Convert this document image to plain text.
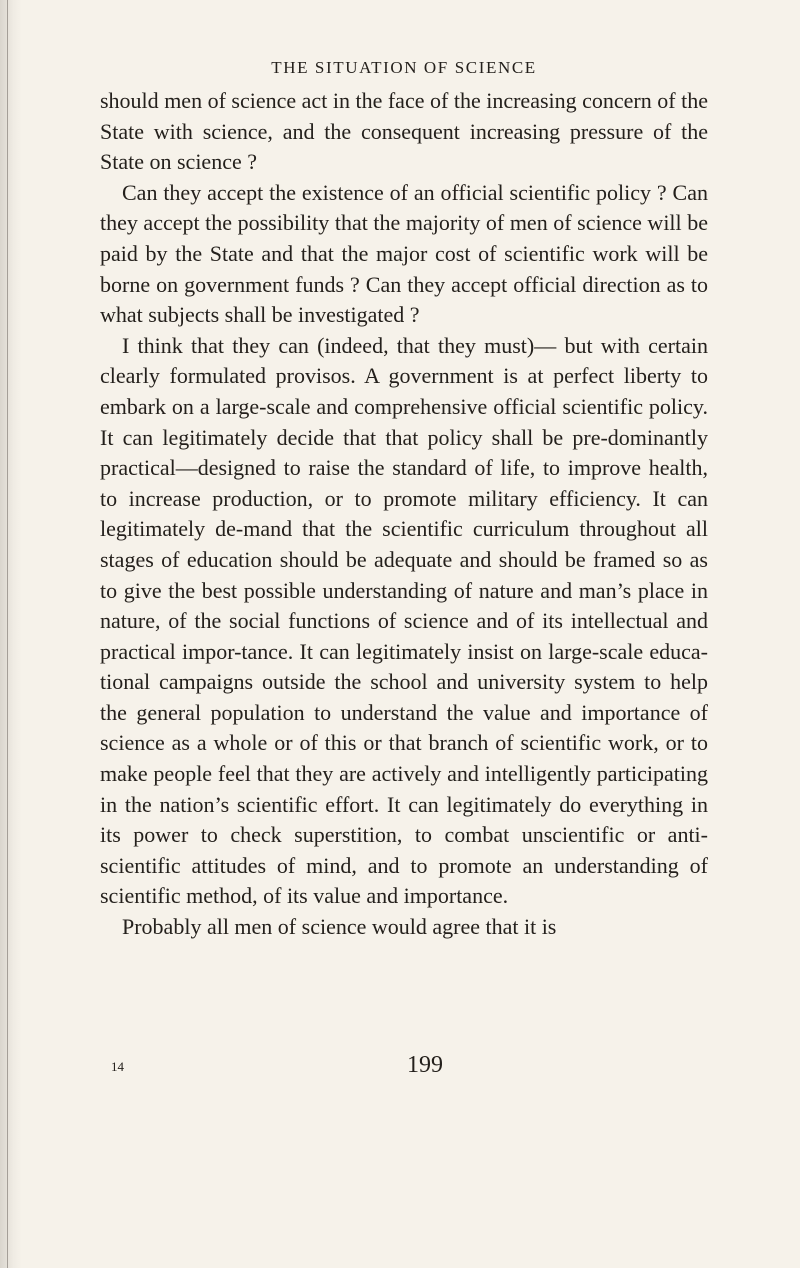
THE SITUATION OF SCIENCE

should men of science act in the face of the increasing concern of the State with science, and the consequent increasing pressure of the State on science ?

Can they accept the existence of an official scientific policy ? Can they accept the possibility that the majority of men of science will be paid by the State and that the major cost of scientific work will be borne on government funds ? Can they accept official direction as to what subjects shall be investigated ?

I think that they can (indeed, that they must)— but with certain clearly formulated provisos. A government is at perfect liberty to embark on a large-scale and comprehensive official scientific policy. It can legitimately decide that that policy shall be pre-dominantly practical—designed to raise the standard of life, to improve health, to increase production, or to promote military efficiency. It can legitimately de-mand that the scientific curriculum throughout all stages of education should be adequate and should be framed so as to give the best possible understanding of nature and man’s place in nature, of the social functions of science and of its intellectual and practical impor-tance. It can legitimately insist on large-scale educa-tional campaigns outside the school and university system to help the general population to understand the value and importance of science as a whole or of this or that branch of scientific work, or to make people feel that they are actively and intelligently participating in the nation’s scientific effort. It can legitimately do everything in its power to check superstition, to combat unscientific or anti-scientific attitudes of mind, and to promote an understanding of scientific method, of its value and importance.

Probably all men of science would agree that it is

14	199
